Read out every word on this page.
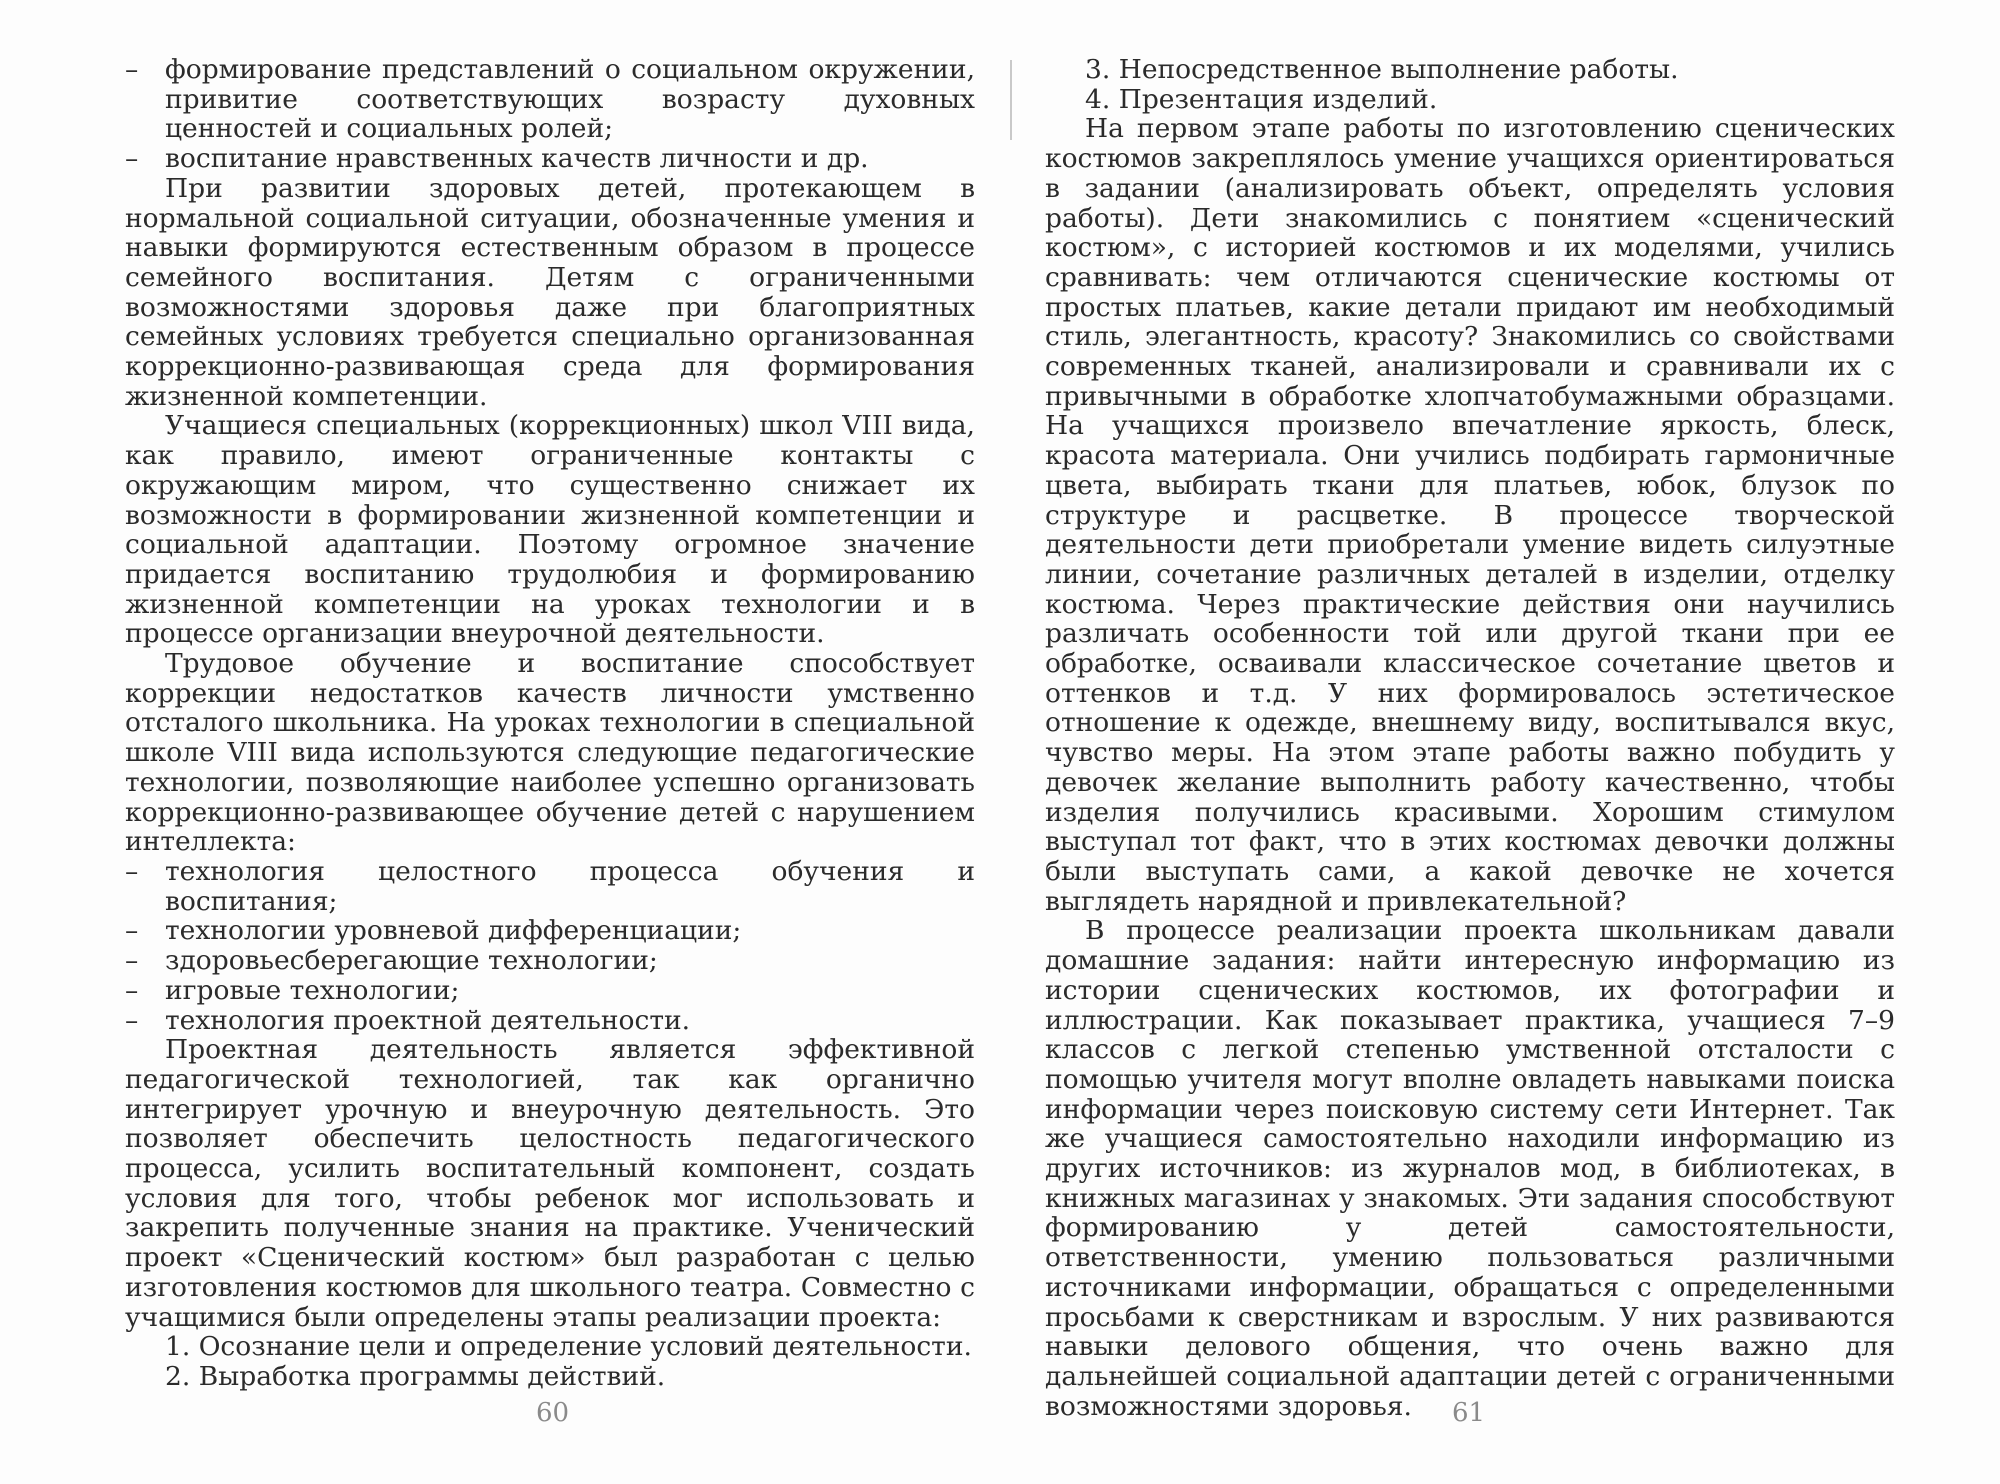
– формирование представлений о социальном окружении, привитие соответствующих возрасту духовных ценностей и социальных ролей;

– воспитание нравственных качеств личности и др.

При развитии здоровых детей, протекающем в нормальной социальной ситуации, обозначенные умения и навыки формируются естественным образом в процессе семейного воспитания. Детям с ограниченными возможностями здоровья даже при благоприятных семейных условиях требуется специально организованная коррекционно-развивающая среда для формирования жизненной компетенции.

Учащиеся специальных (коррекционных) школ VIII вида, как правило, имеют ограниченные контакты с окружающим миром, что существенно снижает их возможности в формировании жизненной компетенции и социальной адаптации. Поэтому огромное значение придается воспитанию трудолюбия и формированию жизненной компетенции на уроках технологии и в процессе организации внеурочной деятельности.

Трудовое обучение и воспитание способствует коррекции недостатков качеств личности умственно отсталого школьника. На уроках технологии в специальной школе VIII вида используются следующие педагогические технологии, позволяющие наиболее успешно организовать коррекционно-развивающее обучение детей с нарушением интеллекта:

– технология целостного процесса обучения и воспитания;

– технологии уровневой дифференциации;

– здоровьесберегающие технологии;

– игровые технологии;

– технология проектной деятельности.

Проектная деятельность является эффективной педагогической технологией, так как органично интегрирует урочную и внеурочную деятельность. Это позволяет обеспечить целостность педагогического процесса, усилить воспитательный компонент, создать условия для того, чтобы ребенок мог использовать и закрепить полученные знания на практике. Ученический проект «Сценический костюм» был разработан с целью изготовления костюмов для школьного театра. Совместно с учащимися были определены этапы реализации проекта:

1. Осознание цели и определение условий деятельности.

2. Выработка программы действий.

3. Непосредственное выполнение работы.

4. Презентация изделий.

На первом этапе работы по изготовлению сценических костюмов закреплялось умение учащихся ориентироваться в задании (анализировать объект, определять условия работы). Дети знакомились с понятием «сценический костюм», с историей костюмов и их моделями, учились сравнивать: чем отличаются сценические костюмы от простых платьев, какие детали придают им необходимый стиль, элегантность, красоту? Знакомились со свойствами современных тканей, анализировали и сравнивали их с привычными в обработке хлопчатобумажными образцами. На учащихся произвело впечатление яркость, блеск, красота материала. Они учились подбирать гармоничные цвета, выбирать ткани для платьев, юбок, блузок по структуре и расцветке. В процессе творческой деятельности дети приобретали умение видеть силуэтные линии, сочетание различных деталей в изделии, отделку костюма. Через практические действия они научились различать особенности той или другой ткани при ее обработке, осваивали классическое сочетание цветов и оттенков и т.д. У них формировалось эстетическое отношение к одежде, внешнему виду, воспитывался вкус, чувство меры. На этом этапе работы важно побудить у девочек желание выполнить работу качественно, чтобы изделия получились красивыми. Хорошим стимулом выступал тот факт, что в этих костюмах девочки должны были выступать сами, а какой девочке не хочется выглядеть нарядной и привлекательной?

В процессе реализации проекта школьникам давали домашние задания: найти интересную информацию из истории сценических костюмов, их фотографии и иллюстрации. Как показывает практика, учащиеся 7–9 классов с легкой степенью умственной отсталости с помощью учителя могут вполне овладеть навыками поиска информации через поисковую систему сети Интернет. Так же учащиеся самостоятельно находили информацию из других источников: из журналов мод, в библиотеках, в книжных магазинах у знакомых. Эти задания способствуют формированию у детей самостоятельности, ответственности, умению пользоваться различными источниками информации, обращаться с определенными просьбами к сверстникам и взрослым. У них развиваются навыки делового общения, что очень важно для дальнейшей социальной адаптации детей с ограниченными возможностями здоровья.

60	61
